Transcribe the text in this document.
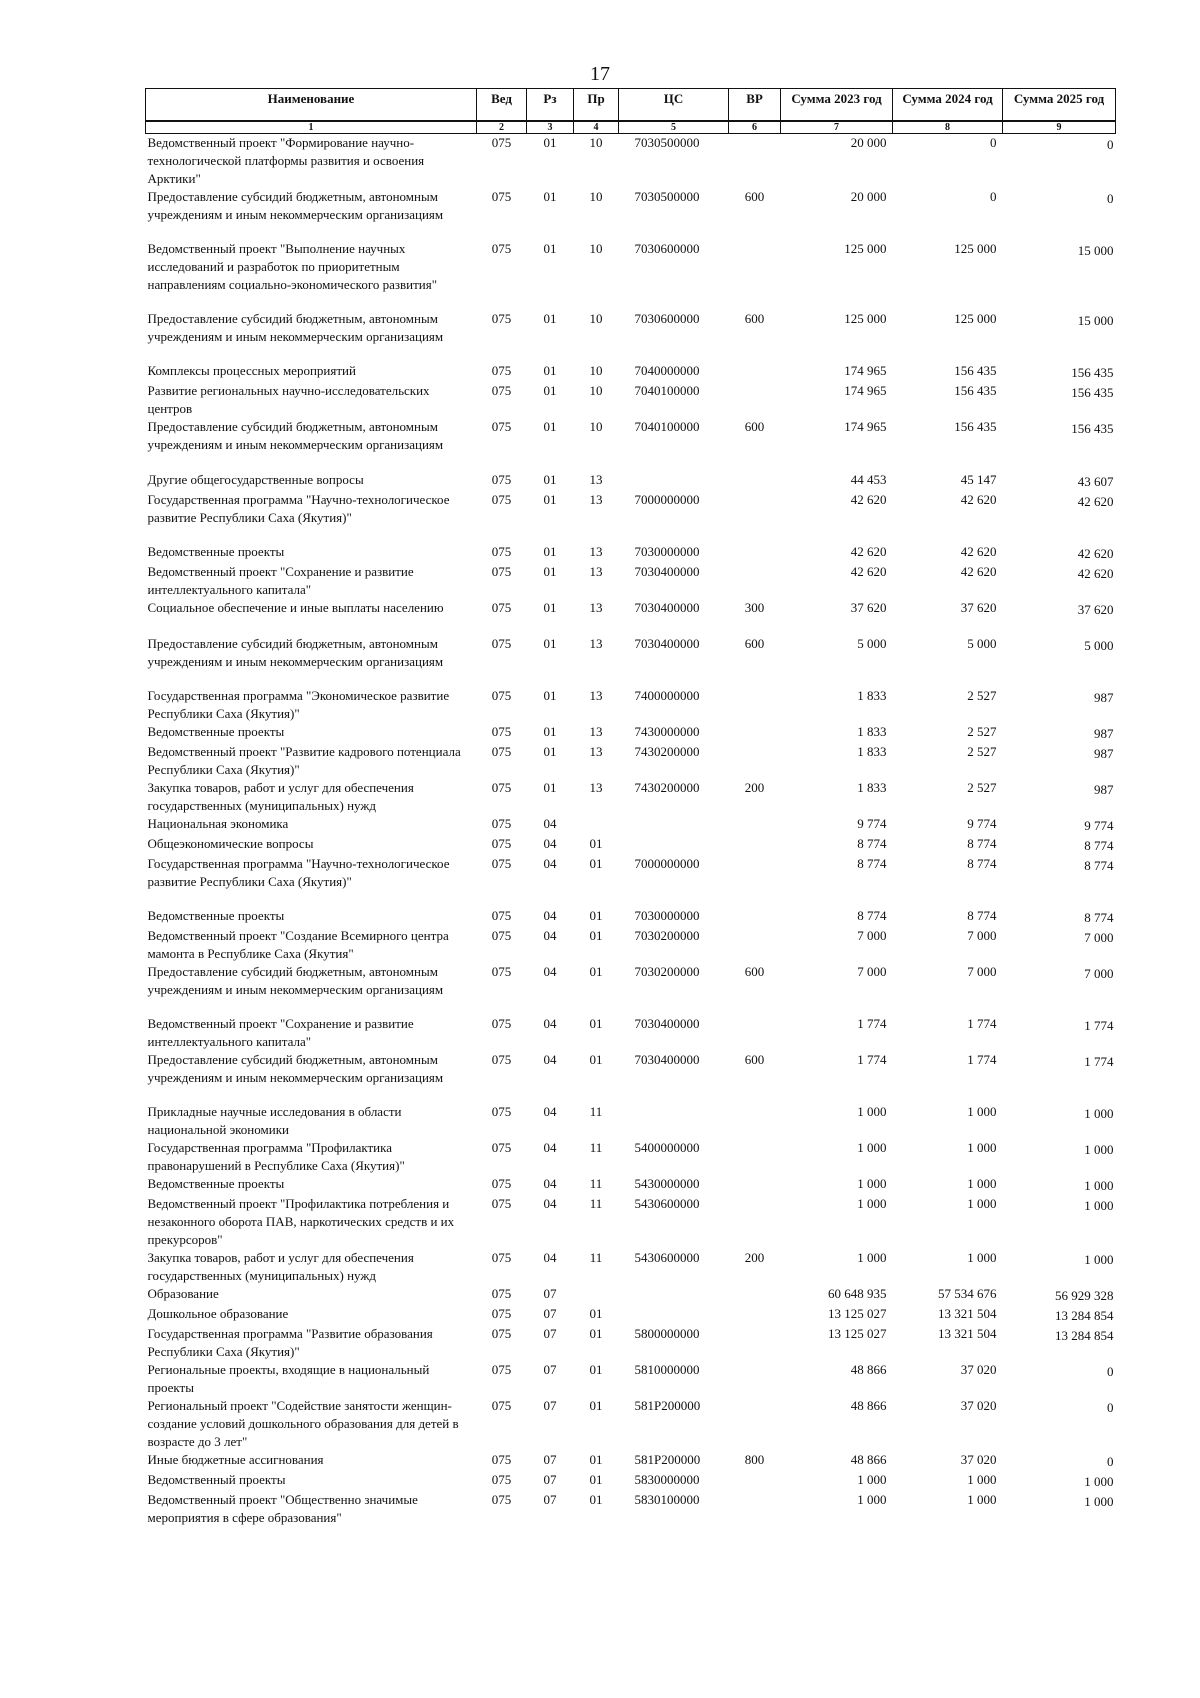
17
Наименование	Вед	Рз	Пр	ЦС	ВР	Сумма 2023 год	Сумма 2024 год	Сумма 2025 год
1	2	3	4	5	6	7	8	9
Ведомственный проект "Формирование научно-технологической платформы развития и освоения Арктики"	075	01	10	7030500000		20 000	0	0
Предоставление субсидий бюджетным, автономным учреждениям и иным некоммерческим организациям	075	01	10	7030500000	600	20 000	0	0
Ведомственный проект "Выполнение научных исследований и разработок по приоритетным направлениям социально-экономического развития"	075	01	10	7030600000		125 000	125 000	15 000
Предоставление субсидий бюджетным, автономным учреждениям и иным некоммерческим организациям	075	01	10	7030600000	600	125 000	125 000	15 000
Комплексы процессных мероприятий	075	01	10	7040000000		174 965	156 435	156 435
Развитие региональных научно-исследовательских центров	075	01	10	7040100000		174 965	156 435	156 435
Предоставление субсидий бюджетным, автономным учреждениям и иным некоммерческим организациям	075	01	10	7040100000	600	174 965	156 435	156 435
Другие общегосударственные вопросы	075	01	13			44 453	45 147	43 607
Государственная программа "Научно-технологическое развитие Республики Саха (Якутия)"	075	01	13	7000000000		42 620	42 620	42 620
Ведомственные проекты	075	01	13	7030000000		42 620	42 620	42 620
Ведомственный проект "Сохранение и развитие интеллектуального капитала"	075	01	13	7030400000		42 620	42 620	42 620
Социальное обеспечение и иные выплаты населению	075	01	13	7030400000	300	37 620	37 620	37 620
Предоставление субсидий бюджетным, автономным учреждениям и иным некоммерческим организациям	075	01	13	7030400000	600	5 000	5 000	5 000
Государственная программа "Экономическое развитие Республики Саха (Якутия)"	075	01	13	7400000000		1 833	2 527	987
Ведомственные проекты	075	01	13	7430000000		1 833	2 527	987
Ведомственный проект "Развитие кадрового потенциала Республики Саха (Якутия)"	075	01	13	7430200000		1 833	2 527	987
Закупка товаров, работ и услуг для обеспечения государственных (муниципальных) нужд	075	01	13	7430200000	200	1 833	2 527	987
Национальная экономика	075	04				9 774	9 774	9 774
Общеэкономические вопросы	075	04	01			8 774	8 774	8 774
Государственная программа "Научно-технологическое развитие Республики Саха (Якутия)"	075	04	01	7000000000		8 774	8 774	8 774
Ведомственные проекты	075	04	01	7030000000		8 774	8 774	8 774
Ведомственный проект "Создание Всемирного центра мамонта в Республике Саха (Якутия"	075	04	01	7030200000		7 000	7 000	7 000
Предоставление субсидий бюджетным, автономным учреждениям и иным некоммерческим организациям	075	04	01	7030200000	600	7 000	7 000	7 000
Ведомственный проект "Сохранение и развитие интеллектуального капитала"	075	04	01	7030400000		1 774	1 774	1 774
Предоставление субсидий бюджетным, автономным учреждениям и иным некоммерческим организациям	075	04	01	7030400000	600	1 774	1 774	1 774
Прикладные научные исследования в области национальной экономики	075	04	11			1 000	1 000	1 000
Государственная программа "Профилактика правонарушений в Республике Саха (Якутия)"	075	04	11	5400000000		1 000	1 000	1 000
Ведомственные проекты	075	04	11	5430000000		1 000	1 000	1 000
Ведомственный проект "Профилактика потребления и незаконного оборота ПАВ, наркотических средств и их прекурсоров"	075	04	11	5430600000		1 000	1 000	1 000
Закупка товаров, работ и услуг для обеспечения государственных (муниципальных) нужд	075	04	11	5430600000	200	1 000	1 000	1 000
Образование	075	07				60 648 935	57 534 676	56 929 328
Дошкольное образование	075	07	01			13 125 027	13 321 504	13 284 854
Государственная программа "Развитие образования Республики Саха (Якутия)"	075	07	01	5800000000		13 125 027	13 321 504	13 284 854
Региональные проекты, входящие в национальный проекты	075	07	01	5810000000		48 866	37 020	0
Региональный проект "Содействие занятости женщин-создание условий дошкольного образования для детей в возрасте до 3 лет"	075	07	01	581P200000		48 866	37 020	0
Иные бюджетные ассигнования	075	07	01	581P200000	800	48 866	37 020	0
Ведомственный проекты	075	07	01	5830000000		1 000	1 000	1 000
Ведомственный проект "Общественно значимые мероприятия в сфере образования"	075	07	01	5830100000		1 000	1 000	1 000
